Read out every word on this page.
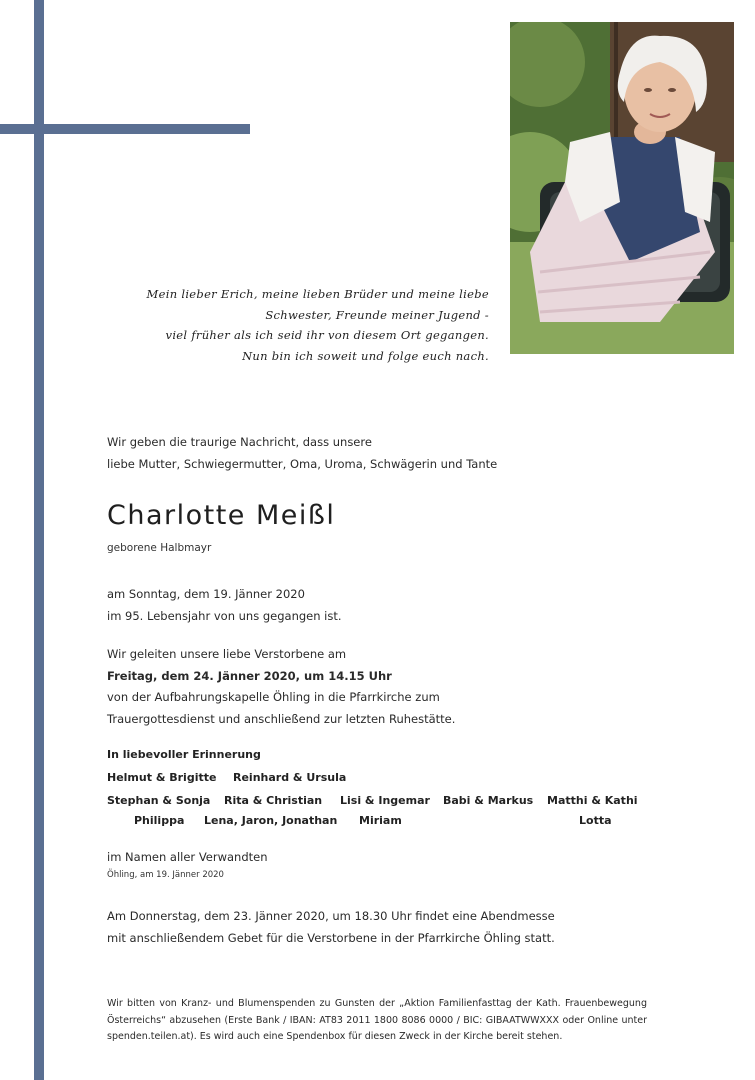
Mein lieber Erich, meine lieben Brüder und meine liebe
Schwester, Freunde meiner Jugend -
viel früher als ich seid ihr von diesem Ort gegangen.
Nun bin ich soweit und folge euch nach.
Wir geben die traurige Nachricht, dass unsere
liebe Mutter, Schwiegermutter, Oma, Uroma, Schwägerin und Tante
Charlotte Meißl
geborene Halbmayr
am Sonntag, dem 19. Jänner 2020
im 95. Lebensjahr von uns gegangen ist.
Wir geleiten unsere liebe Verstorbene am
Freitag, dem 24. Jänner 2020, um 14.15 Uhr
von der Aufbahrungskapelle Öhling in die Pfarrkirche zum
Trauergottesdienst und anschließend zur letzten Ruhestätte.
In liebevoller Erinnerung
Helmut & Brigitte Reinhard & Ursula
Stephan & Sonja Rita & Christian Lisi & Ingemar Babi & Markus Matthi & Kathi
Philippa Lena, Jaron, Jonathan Miriam	Lotta
im Namen aller Verwandten
Öhling, am 19. Jänner 2020
Am Donnerstag, dem 23. Jänner 2020, um 18.30 Uhr findet eine Abendmesse
mit anschließendem Gebet für die Verstorbene in der Pfarrkirche Öhling statt.
Wir bitten von Kranz- und Blumenspenden zu Gunsten der „Aktion Familienfasttag der Kath. Frauenbewegung Österreichs“ abzusehen (Erste Bank / IBAN: AT83 2011 1800 8086 0000 / BIC: GIBAATWWXXX oder Online unter spenden.teilen.at). Es wird auch eine Spendenbox für diesen Zweck in der Kirche bereit stehen.
